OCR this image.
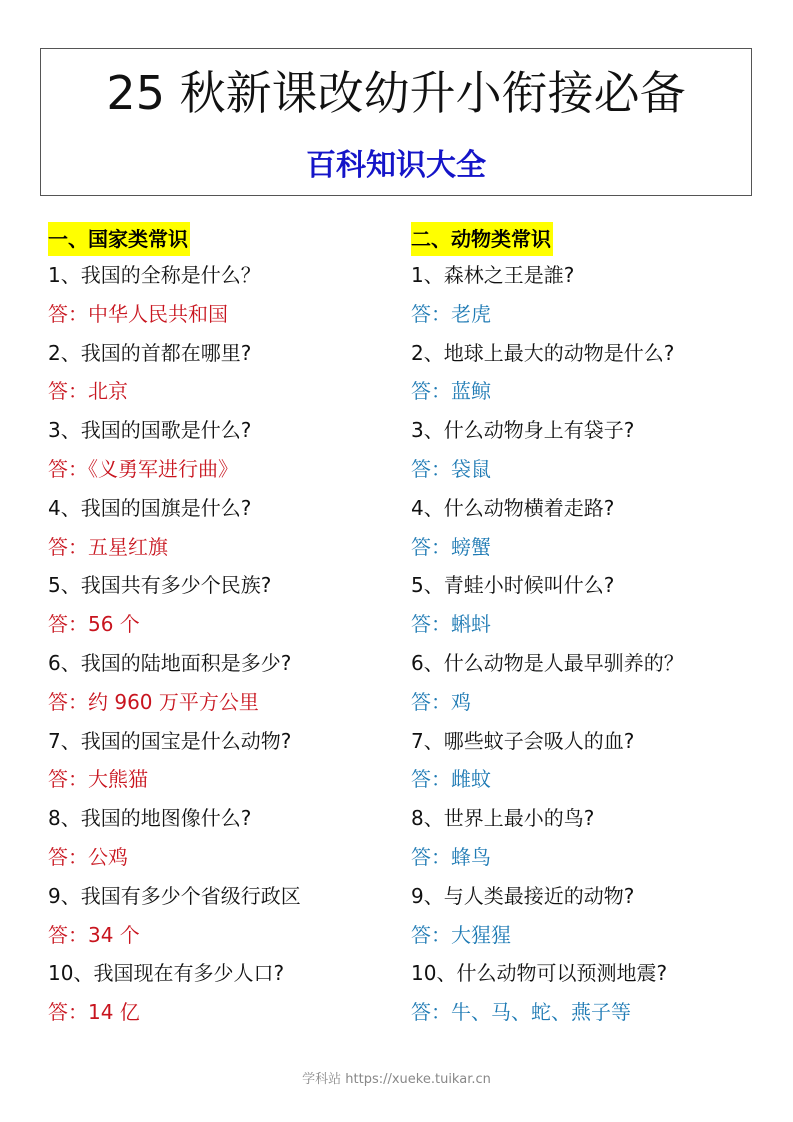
25 秋新课改幼升小衔接必备
百科知识大全
一、国家类常识
1、我国的全称是什么？
答：中华人民共和国
2、我国的首都在哪里?
答：北京
3、我国的国歌是什么?
答：《义勇军进行曲》
4、我国的国旗是什么?
答：五星红旗
5、我国共有多少个民族?
答：56 个
6、我国的陆地面积是多少?
答：约 960 万平方公里
7、我国的国宝是什么动物?
答：大熊猫
8、我国的地图像什么?
答：公鸡
9、我国有多少个省级行政区
答：34 个
10、我国现在有多少人口?
答：14 亿
二、动物类常识
1、森林之王是誰?
答：老虎
2、地球上最大的动物是什么?
答：蓝鲸
3、什么动物身上有袋子?
答：袋鼠
4、什么动物横着走路?
答：螃蟹
5、青蛙小时候叫什么?
答：蝌蚪
6、什么动物是人最早驯养的？
答：鸡
7、哪些蚊子会吸人的血?
答：雌蚊
8、世界上最小的鸟?
答：蜂鸟
9、与人类最接近的动物?
答：大猩猩
10、什么动物可以预测地震?
答：牛、马、蛇、燕子等
学科站 https://xueke.tuikar.cn
